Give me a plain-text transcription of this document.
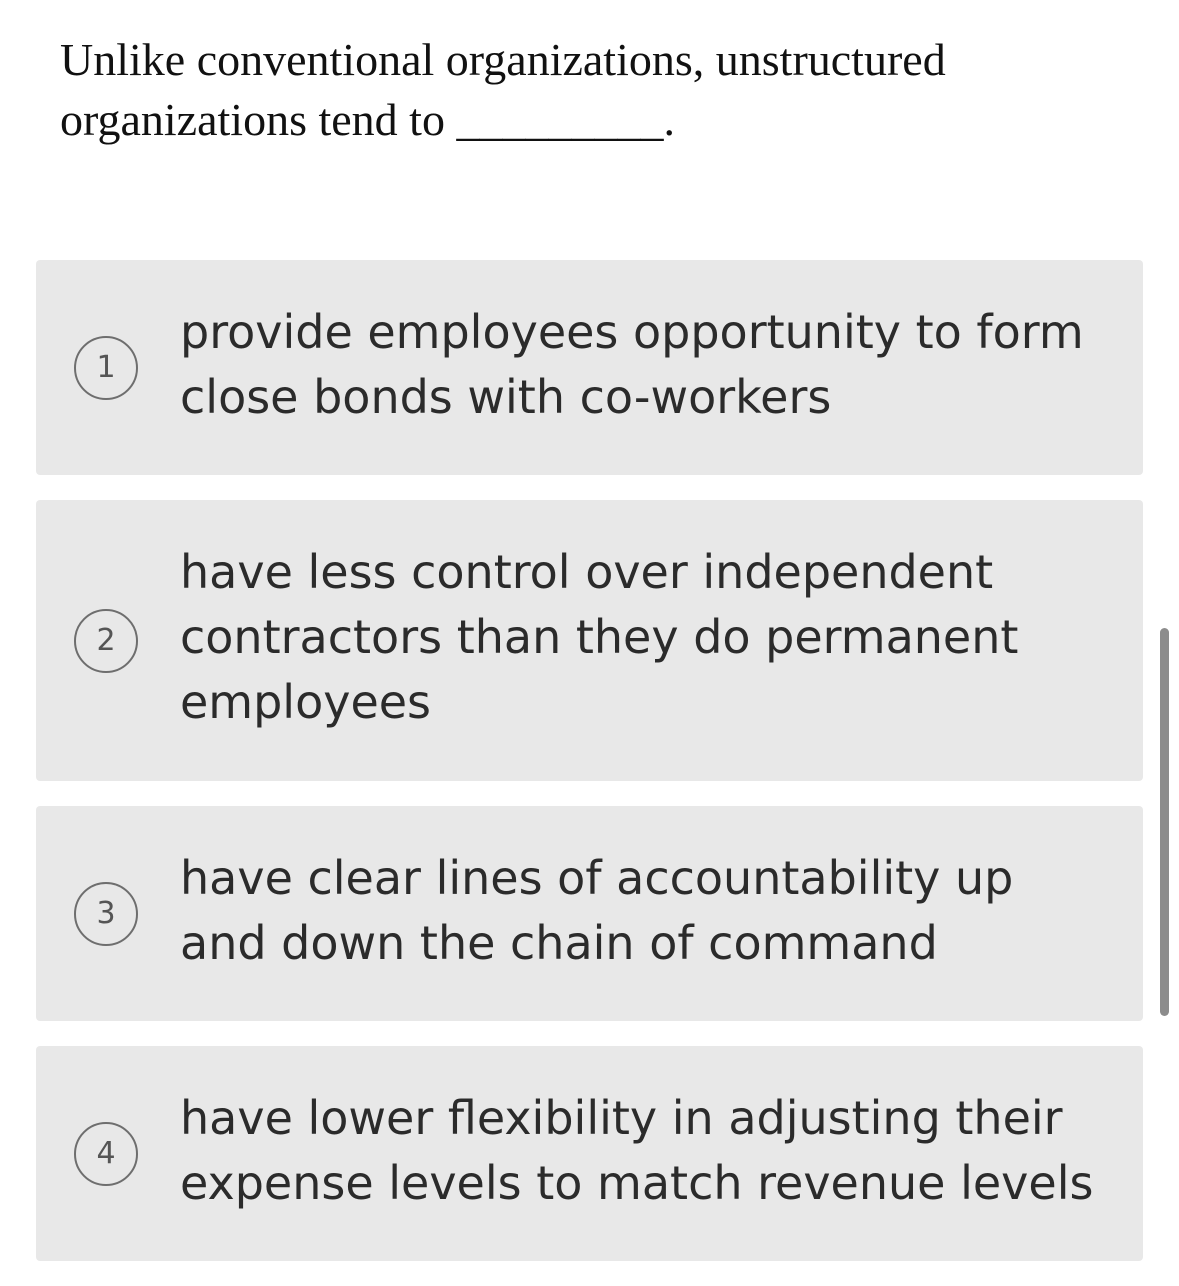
Unlike conventional organizations, unstructured organizations tend to _________.

1
provide employees opportunity to form close bonds with co-workers
2
have less control over independent contractors than they do permanent employees
3
have clear lines of accountability up and down the chain of command
4
have lower flexibility in adjusting their expense levels to match revenue levels
